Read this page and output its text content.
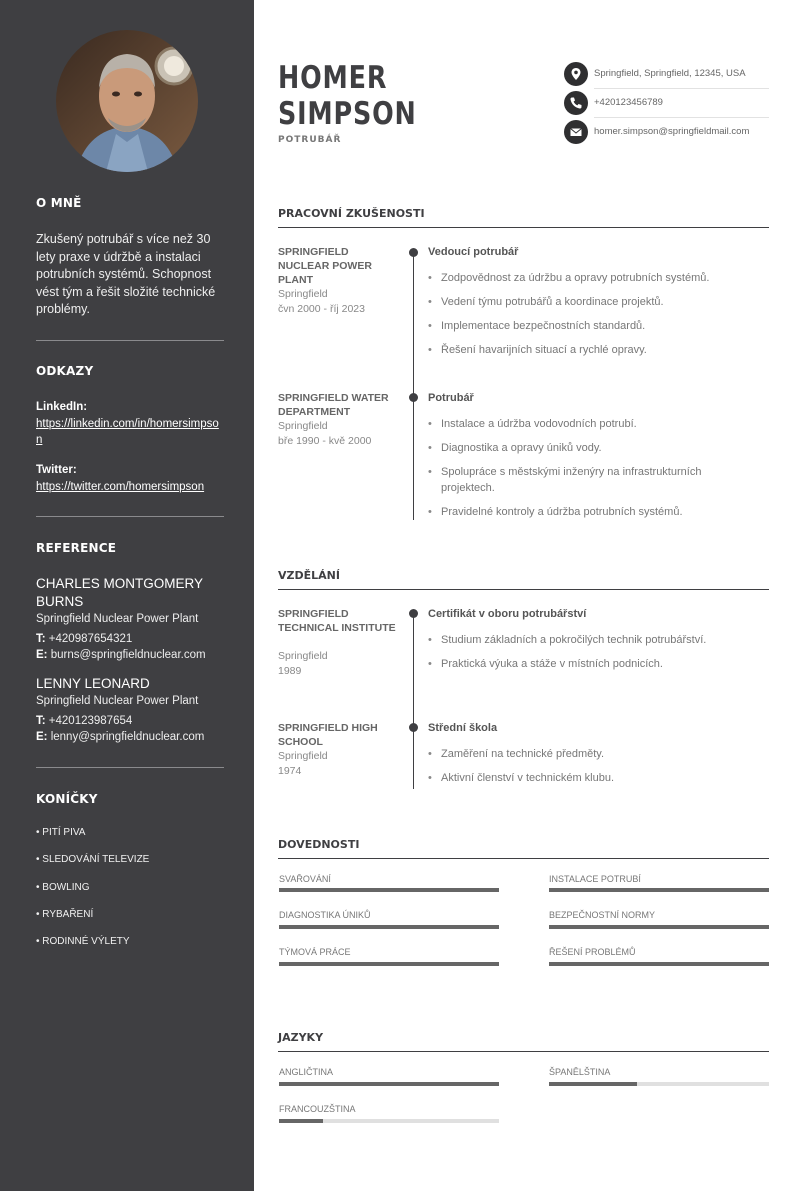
O MNĚ
Zkušený potrubář s více než 30 lety praxe v údržbě a instalaci potrubních systémů. Schopnost vést tým a řešit složité technické problémy.
ODKAZY
LinkedIn:
https://linkedin.com/in/homersimpson
Twitter:
https://twitter.com/homersimpson
REFERENCE
CHARLES MONTGOMERY BURNS
Springfield Nuclear Power Plant
T: +420987654321
E: burns@springfieldnuclear.com
LENNY LEONARD
Springfield Nuclear Power Plant
T: +420123987654
E: lenny@springfieldnuclear.com
KONÍČKY
• PITÍ PIVA
• SLEDOVÁNÍ TELEVIZE
• BOWLING
• RYBAŘENÍ
• RODINNÉ VÝLETY
HOMER
SIMPSON
POTRUBÁŘ
Springfield, Springfield, 12345, USA
+420123456789
homer.simpson@springfieldmail.com
PRACOVNÍ ZKUŠENOSTI
SPRINGFIELD NUCLEAR POWER PLANT
Springfield
čvn 2000 - říj 2023
Vedoucí potrubář
• Zodpovědnost za údržbu a opravy potrubních systémů.
• Vedení týmu potrubářů a koordinace projektů.
• Implementace bezpečnostních standardů.
• Řešení havarijních situací a rychlé opravy.
SPRINGFIELD WATER DEPARTMENT
Springfield
bře 1990 - kvě 2000
Potrubář
• Instalace a údržba vodovodních potrubí.
• Diagnostika a opravy úniků vody.
• Spolupráce s městskými inženýry na infrastrukturních projektech.
• Pravidelné kontroly a údržba potrubních systémů.
VZDĚLÁNÍ
SPRINGFIELD TECHNICAL INSTITUTE
Springfield
1989
Certifikát v oboru potrubářství
• Studium základních a pokročilých technik potrubářství.
• Praktická výuka a stáže v místních podnicích.
SPRINGFIELD HIGH SCHOOL
Springfield
1974
Střední škola
• Zaměření na technické předměty.
• Aktivní členství v technickém klubu.
DOVEDNOSTI
SVAŘOVÁNÍ	INSTALACE POTRUBÍ
DIAGNOSTIKA ÚNIKŮ	BEZPEČNOSTNÍ NORMY
TÝMOVÁ PRÁCE	ŘEŠENÍ PROBLÉMŮ
JAZYKY
ANGLIČTINA	ŠPANĚLŠTINA
FRANCOUZŠTINA
